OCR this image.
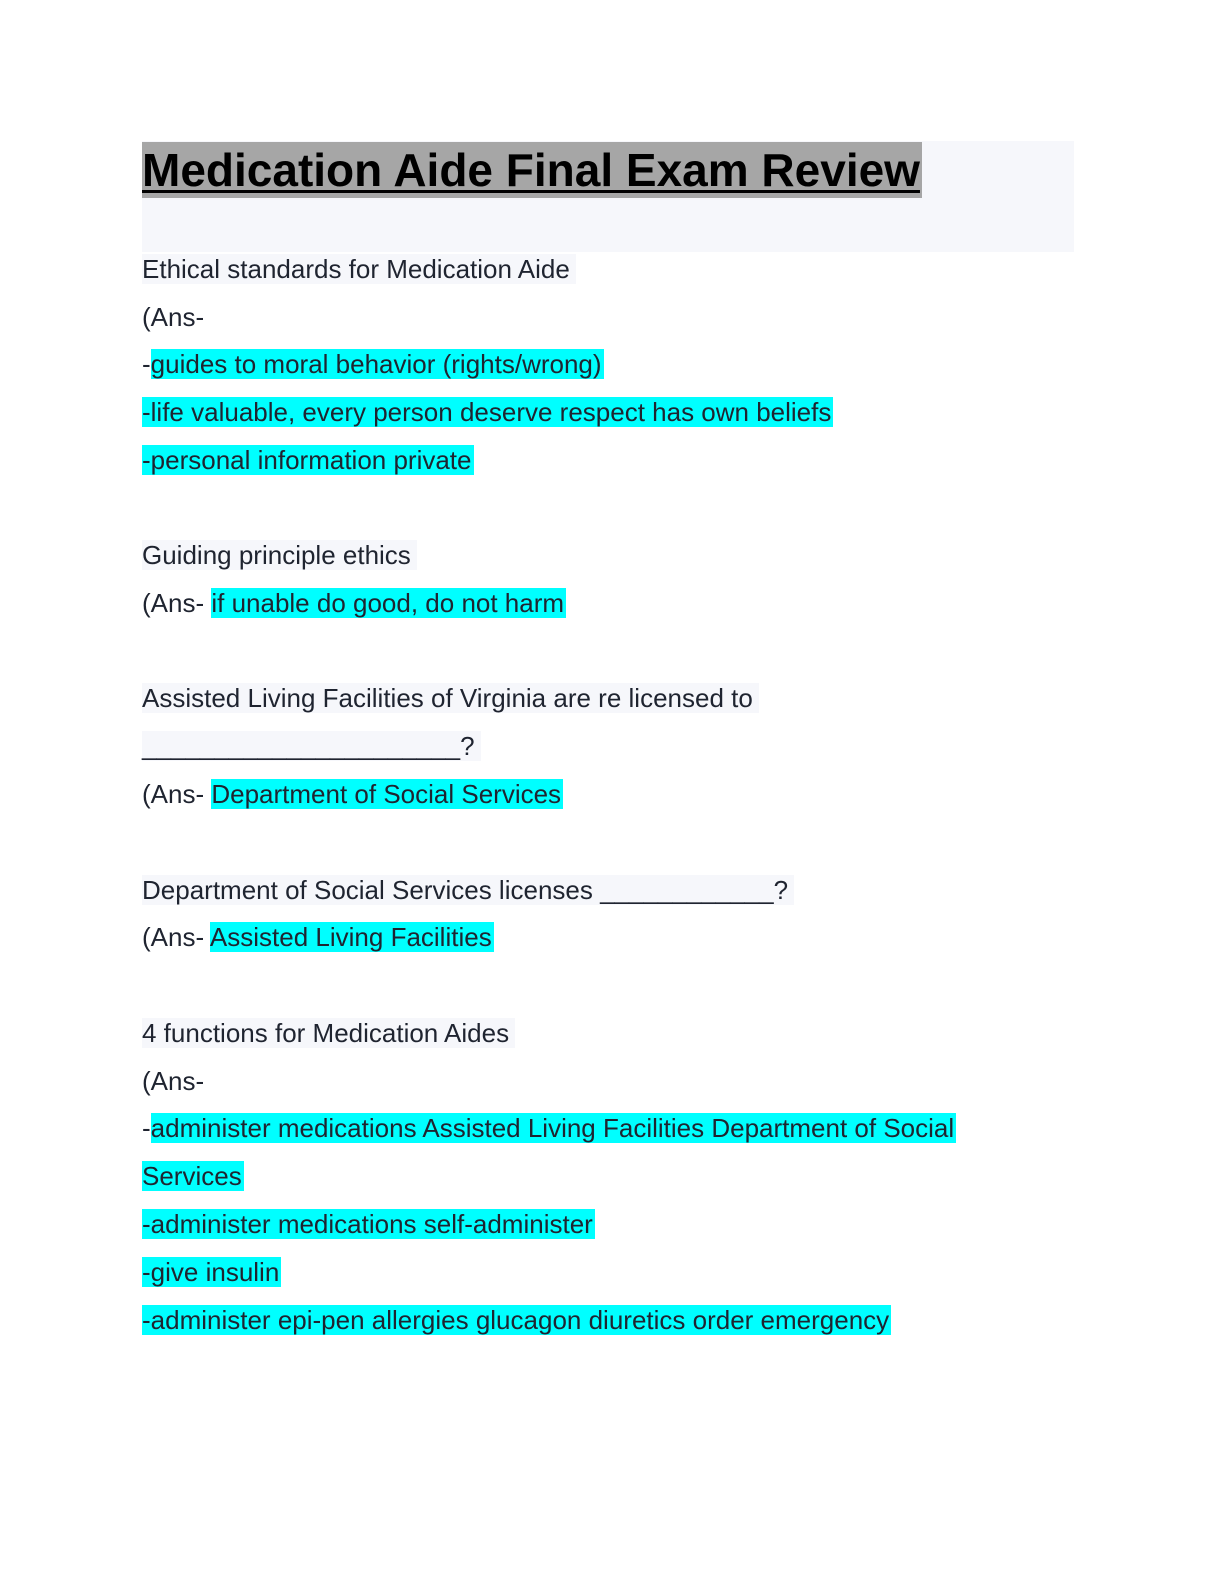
Medication Aide Final Exam Review
Ethical standards for Medication Aide
(Ans-
-guides to moral behavior (rights/wrong)
-life valuable, every person deserve respect has own beliefs
-personal information private
Guiding principle ethics
(Ans- if unable do good, do not harm
Assisted Living Facilities of Virginia are re licensed to
______________________?
(Ans- Department of Social Services
Department of Social Services licenses ____________?
(Ans- Assisted Living Facilities
4 functions for Medication Aides
(Ans-
-administer medications Assisted Living Facilities Department of Social
Services
-administer medications self-administer
-give insulin
-administer epi-pen allergies glucagon diuretics order emergency
